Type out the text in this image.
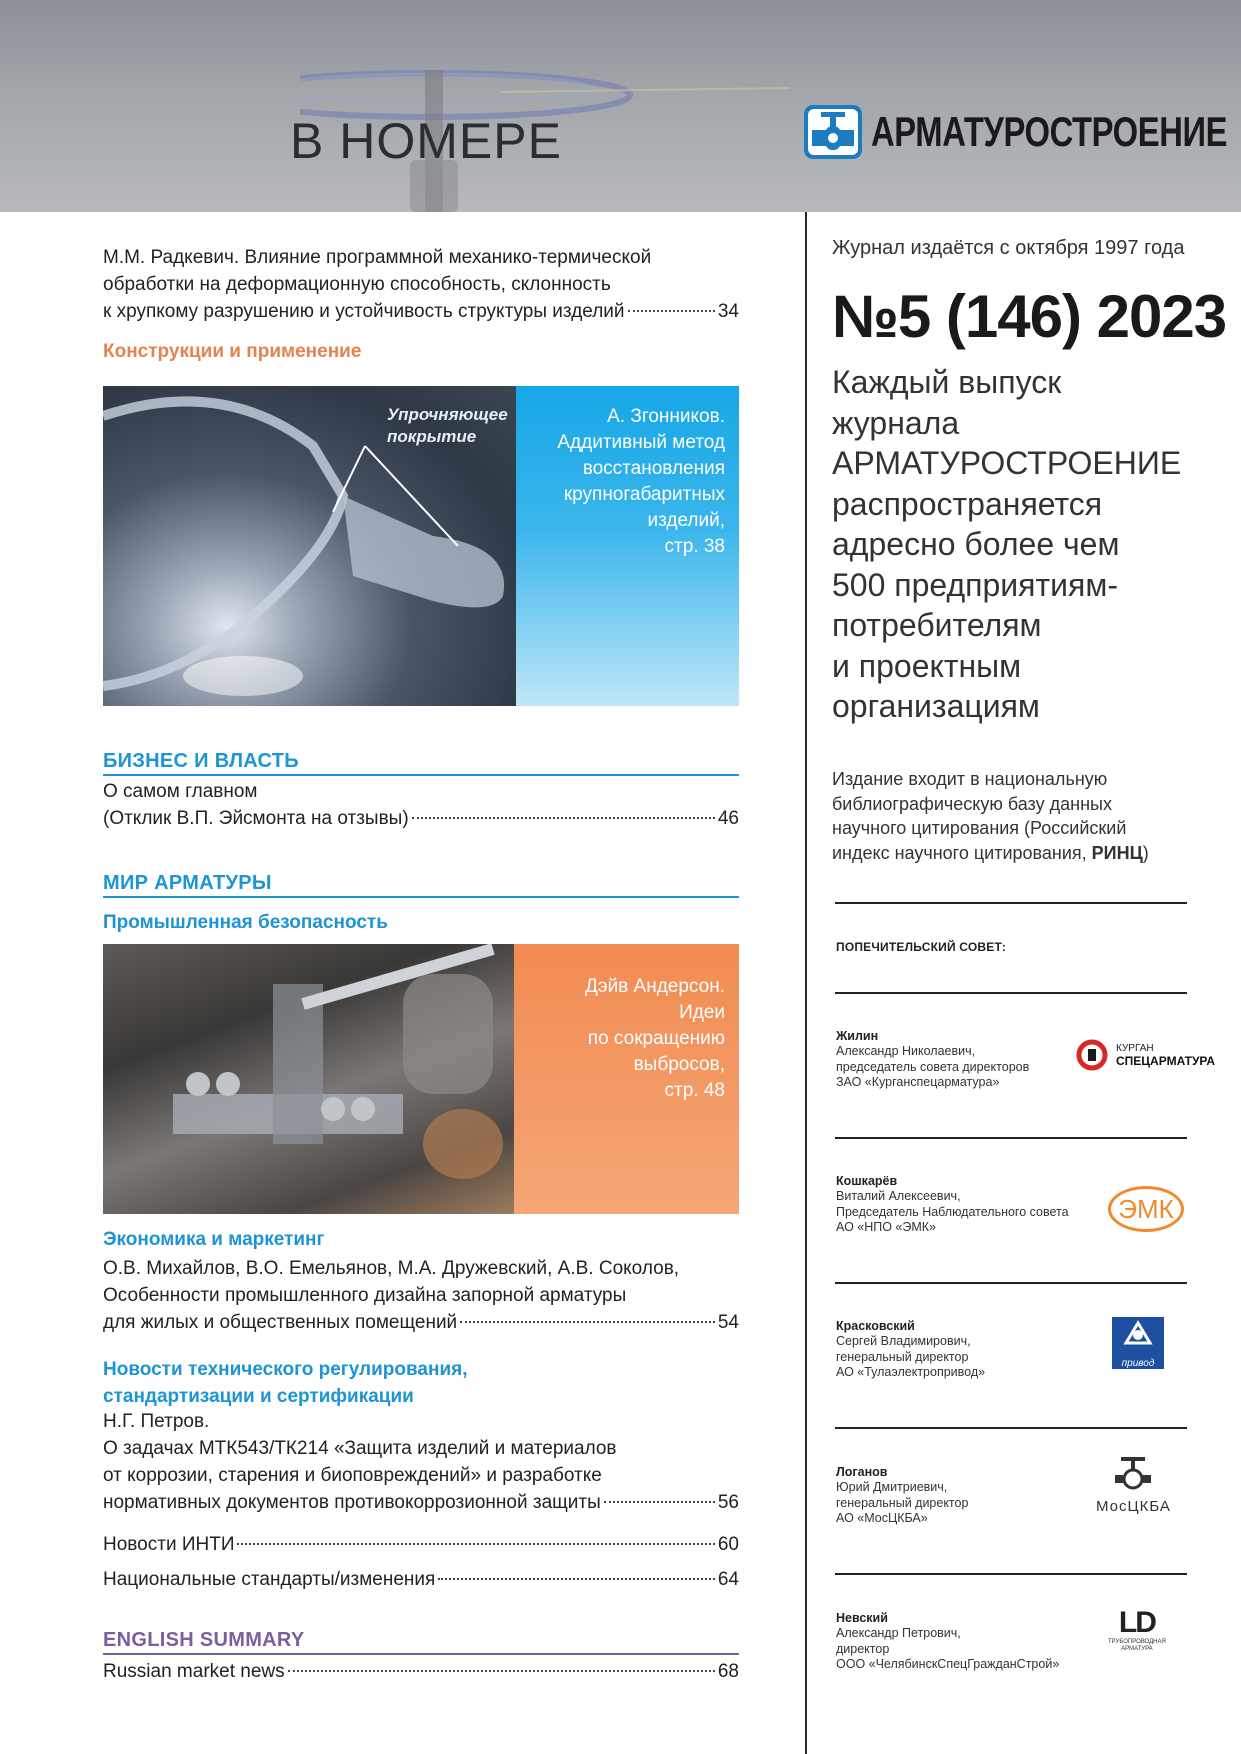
В НОМЕРЕ	АРМАТУРОСТРОЕНИЕ
М.М. Радкевич. Влияние программной механико-термической
обработки на деформационную способность, склонность
к хрупкому разрушению и устойчивость структуры изделий	34
Конструкции и применение
Упрочняющее
покрытие
А. Згонников.
Аддитивный метод
восстановления
крупногабаритных
изделий,
стр. 38
БИЗНЕС И ВЛАСТЬ
О самом главном
(Отклик В.П. Эйсмонта на отзывы)	46
МИР АРМАТУРЫ
Промышленная безопасность
Дэйв Андерсон.
Идеи
по сокращению
выбросов,
стр. 48
Экономика и маркетинг
О.В. Михайлов, В.О. Емельянов, М.А. Дружевский, А.В. Соколов,
Особенности промышленного дизайна запорной арматуры
для жилых и общественных помещений	54
Новости технического регулирования,
стандартизации и сертификации
Н.Г. Петров.
О задачах МТК543/ТК214 «Защита изделий и материалов
от коррозии, старения и биоповреждений» и разработке
нормативных документов противокоррозионной защиты	56
Новости ИНТИ	60
Национальные стандарты/изменения	64
ENGLISH SUMMARY
Russian market news	68
Журнал издаётся с октября 1997 года
№5 (146) 2023
Каждый выпуск
журнала
АРМАТУРОСТРОЕНИЕ
распространяется
адресно более чем
500 предприятиям-
потребителям
и проектным
организациям
Издание входит в национальную библиографическую базу данных научного цитирования (Российский индекс научного цитирования, РИНЦ)
ПОПЕЧИТЕЛЬСКИЙ СОВЕТ:
Жилин
Александр Николаевич,
председатель совета директоров
ЗАО «Курганспецарматура»
КУРГАН
СПЕЦАРМАТУРА
Кошкарёв
Виталий Алексеевич,
Председатель Наблюдательного совета
АО «НПО «ЭМК»
ЭМК
Красковский
Сергей Владимирович,
генеральный директор
АО «Тулаэлектропривод»
привод
Логанов
Юрий Дмитриевич,
генеральный директор
АО «МосЦКБА»
МосЦКБА
Невский
Александр Петрович,
директор
ООО «ЧелябинскСпецГражданСтрой»
LD
ТРУБОПРОВОДНАЯ
АРМАТУРА
